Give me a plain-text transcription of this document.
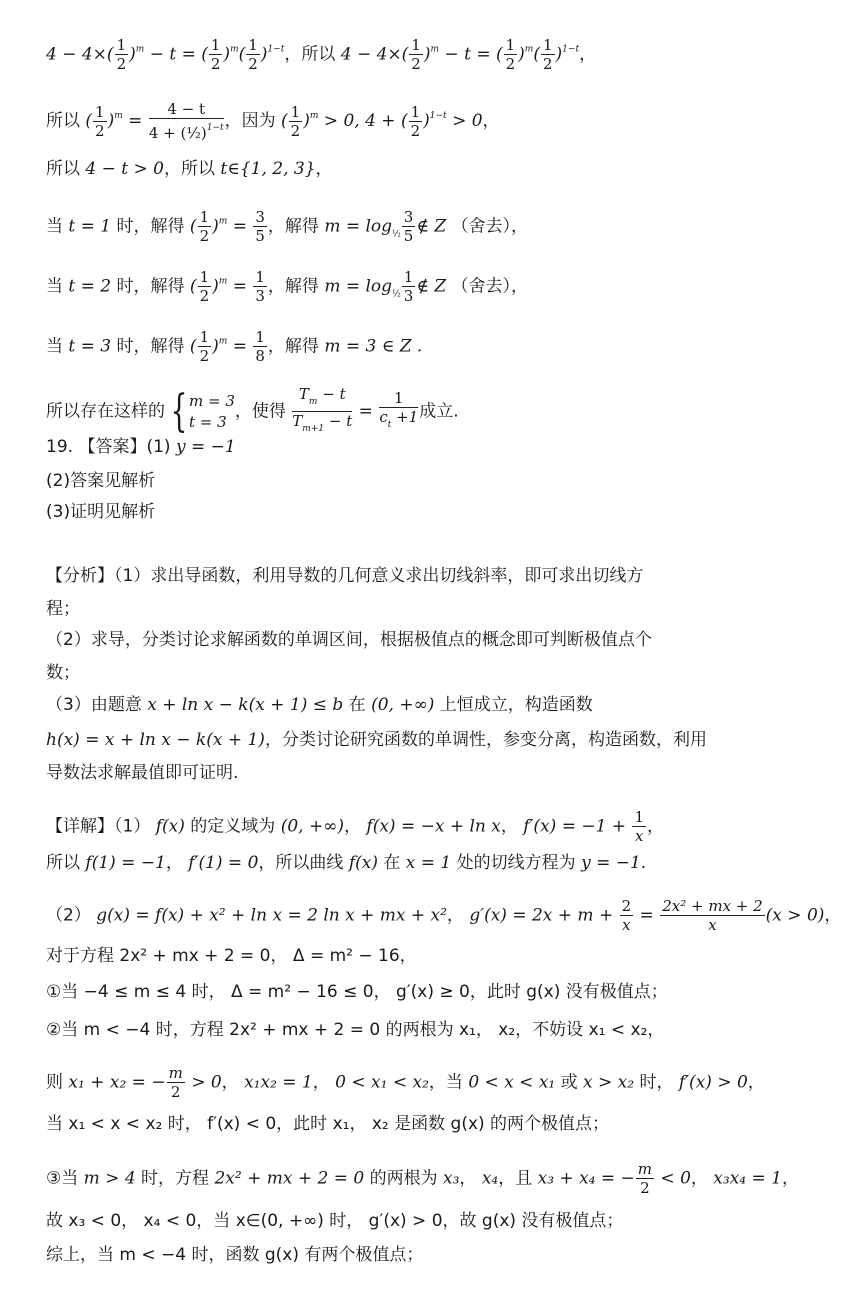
$4 - 4\times( \frac{1}{2} )^m - t$ = ( $\frac{1}{2} )^m( \frac{1}{2} )^{1-t}$，所以 $4 - 4\times( \frac{1}{2} )^m - t$ = ( $\frac{1}{2} )^m( \frac{1}{2} )^{1-t}$，
所以 ( $\frac{1}{2} )^m = \frac{4 - t}{4 + (\frac{1}{2})^{1-t}}$ ，因为 ( $\frac{1}{2} )^m > 0$, 4 + ( $\frac{1}{2} )^{1-t} > 0$，
所以 4 − t > 0，所以 t∈{1, 2, 3}，
当 t = 1 时，解得 ( $\frac{1}{2} )^m = \frac{3}{5}$ ，解得 $m = \log_{\frac{1}{2}} \frac{3}{5}$ ∉ Z （舍去），
当 t = 2 时，解得 ( $\frac{1}{2} )^m = \frac{1}{3}$ ，解得 $m = \log_{\frac{1}{2}} \frac{1}{3}$ ∉ Z （舍去），
当 t = 3 时，解得 ( $\frac{1}{2} )^m = \frac{1}{8}$ ，解得 m = 3 ∈ Z .
所以存在这样的 { m = 3
t = 3 ，使得 $\frac{T_m - t}{T_{m+1} - t} = \frac{1}{c_t +1}$ 成立.
19. 【答案】(1) y = −1
(2)答案见解析
(3)证明见解析
【分析】（1）求出导函数，利用导数的几何意义求出切线斜率，即可求出切线方
程；
（2）求导，分类讨论求解函数的单调区间，根据极值点的概念即可判断极值点个
数；
（3）由题意 x + ln x − k(x + 1) ≤ b 在 (0, +∞) 上恒成立，构造函数
h(x) = x + ln x − k(x + 1)，分类讨论研究函数的单调性，参变分离，构造函数，利用
导数法求解最值即可证明.
【详解】（1） f(x) 的定义域为 (0, +∞)， f(x) = −x + ln x， $f'(x) = -1 + \frac{1}{x}$ ，
所以 f(1) = −1， f′(1) = 0，所以曲线 f(x) 在 x = 1 处的切线方程为 y = −1.
（2） g(x) = f(x) + x² + ln x = 2 ln x + mx + x²， $g'(x) = 2x + m + \frac{2}{x} = \frac{\text{2x² + mx + 2}}{x} (x > 0)$，
对于方程 2x² + mx + 2 = 0， Δ = m² − 16，
①当 −4 ≤ m ≤ 4 时， Δ = m² − 16 ≤ 0， g′(x) ≥ 0，此时 g(x) 没有极值点；
②当 m < −4 时，方程 2x² + mx + 2 = 0 的两根为 x₁， x₂，不妨设 x₁ < x₂，
则 x₁ + x₂ = − $\frac{m}{2} > 0$， x₁x₂ = 1， 0 < x₁ < x₂，当 0 < x < x₁ 或 x > x₂ 时， f′(x) > 0，
当 x₁ < x < x₂ 时， f′(x) < 0，此时 x₁， x₂ 是函数 g(x) 的两个极值点；
③当 m > 4 时，方程 2x² + mx + 2 = 0 的两根为 x₃， x₄，且 x₃ + x₄ = − $\frac{m}{2} < 0$， x₃x₄ = 1，
故 x₃ < 0， x₄ < 0，当 x∈(0, +∞) 时， g′(x) > 0，故 g(x) 没有极值点；
综上，当 m < −4 时，函数 g(x) 有两个极值点；
